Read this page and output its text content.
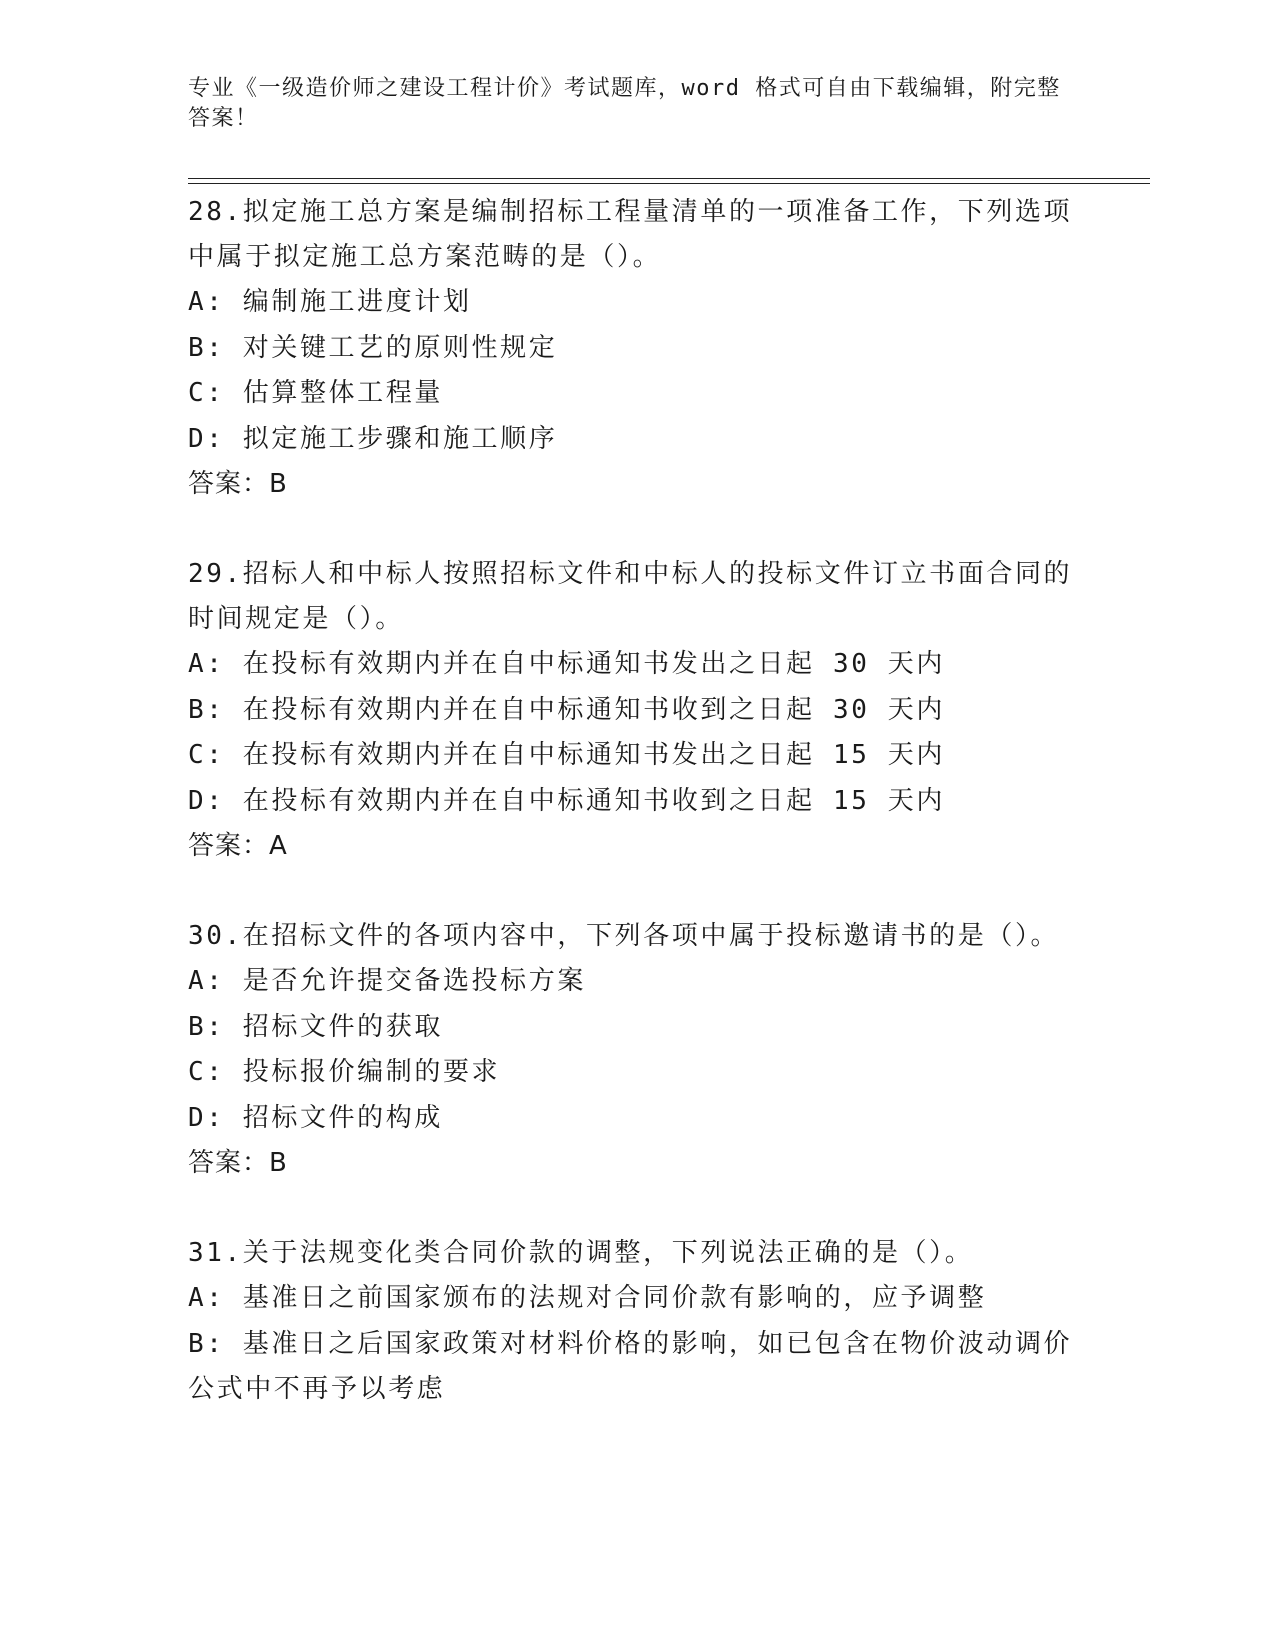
专业《一级造价师之建设工程计价》考试题库，word 格式可自由下载编辑，附完整答案！
28.拟定施工总方案是编制招标工程量清单的一项准备工作，下列选项中属于拟定施工总方案范畴的是（）。
A: 编制施工进度计划
B: 对关键工艺的原则性规定
C: 估算整体工程量
D: 拟定施工步骤和施工顺序
答案：B
29.招标人和中标人按照招标文件和中标人的投标文件订立书面合同的时间规定是（）。
A: 在投标有效期内并在自中标通知书发出之日起 30 天内
B: 在投标有效期内并在自中标通知书收到之日起 30 天内
C: 在投标有效期内并在自中标通知书发出之日起 15 天内
D: 在投标有效期内并在自中标通知书收到之日起 15 天内
答案：A
30.在招标文件的各项内容中，下列各项中属于投标邀请书的是（）。
A: 是否允许提交备选投标方案
B: 招标文件的获取
C: 投标报价编制的要求
D: 招标文件的构成
答案：B
31.关于法规变化类合同价款的调整，下列说法正确的是（）。
A: 基准日之前国家颁布的法规对合同价款有影响的，应予调整
B: 基准日之后国家政策对材料价格的影响，如已包含在物价波动调价公式中不再予以考虑
